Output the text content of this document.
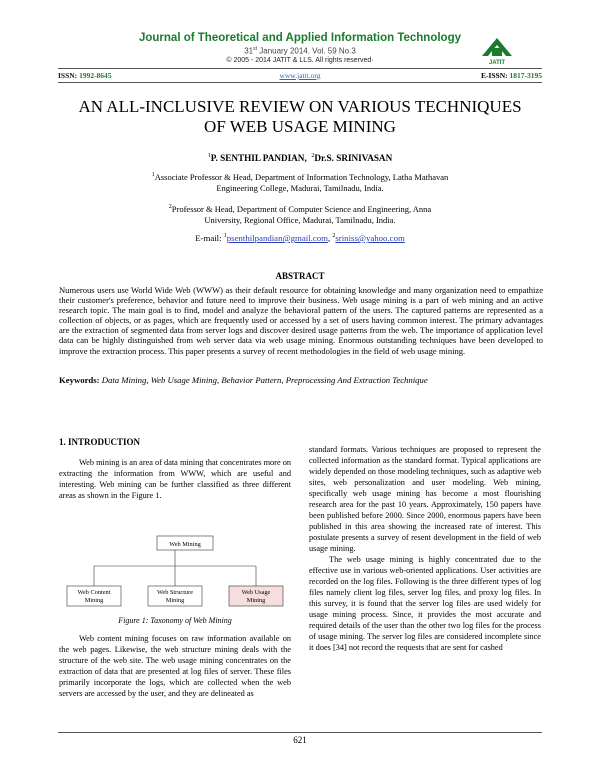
Journal of Theoretical and Applied Information Technology
31st January 2014. Vol. 59 No.3
© 2005 - 2014 JATIT & LLS. All rights reserved·	JATIT
ISSN: 1992-8645	www.jatit.org	E-ISSN: 1817-3195
AN ALL-INCLUSIVE REVIEW ON VARIOUS TECHNIQUES
OF WEB USAGE MINING
$^1$P. SENTHIL PANDIAN, $^2$Dr.S. SRINIVASAN
$^1$Associate Professor & Head, Department of Information Technology, Latha Mathavan Engineering College, Madurai, Tamilnadu, India.
$^2$Professor & Head, Department of Computer Science and Engineering, Anna University, Regional Office, Madurai, Tamilnadu, India.
E-mail: $^1$psenthilpandian@gmail.com, $^2$sriniss@yahoo.com
ABSTRACT
Numerous users use World Wide Web (WWW) as their default resource for obtaining knowledge and many organization need to empathize their customer's preference, behavior and future need to improve their business. Web usage mining is a part of web mining and an active research topic. The main goal is to find, model and analyze the behavioral pattern of the users. The captured patterns are represented as a collection of objects, or as pages, which are frequently used or accessed by a set of users having common interest. The primary advantages are the extraction of segmented data from server logs and discover desired usage patterns from the web. The importance of application level data can be highly distinguished from web server data via web usage mining. Enormous outstanding techniques have been developed to improve the extraction process. This paper presents a survey of recent methodologies in the field of web usage mining.
Keywords: Data Mining, Web Usage Mining, Behavior Pattern, Preprocessing And Extraction Technique
1. INTRODUCTION

Web mining is an area of data mining that concentrates more on extracting the information from WWW, which are useful and interesting. Web mining can be further classified as three different areas as shown in the Figure 1.

Web Mining
Web Content
Mining
Web Structure
Mining
Web Usage
Mining
Figure 1: Taxonomy of Web Mining

Web content mining focuses on raw information available on the web pages. Likewise, the web structure mining deals with the structure of the web site. The web usage mining concentrates on the extraction of data that are presented at log files of server. These files primarily incorporate the logs, which are collected when the web servers are accessed by the user, and they are delineated as

standard formats. Various techniques are proposed to represent the collected information as the standard format. Typical applications are widely depended on those modeling techniques, such as adaptive web sites, web personalization and user modeling. Web mining, specifically web usage mining has become a most flourishing research area for the past 10 years. Approximately, 150 papers have been published before 2000. Since 2000, enormous papers have been published in this area showing the increased rate of interest. This postulate presents a survey of resent development in the field of web usage mining.

The web usage mining is highly concentrated due to the effective use in various web-oriented applications. User activities are recorded on the log files. Following is the three different types of log files namely client log files, server log files, and proxy log files. In this survey, it is found that the server log files are used widely for usage mining process. Since, it provides the most accurate and required details of the user than the other two log files for the process of usage mining. The server log files are considered incomplete since it does [34] not record the requests that are sent for cashed

621
